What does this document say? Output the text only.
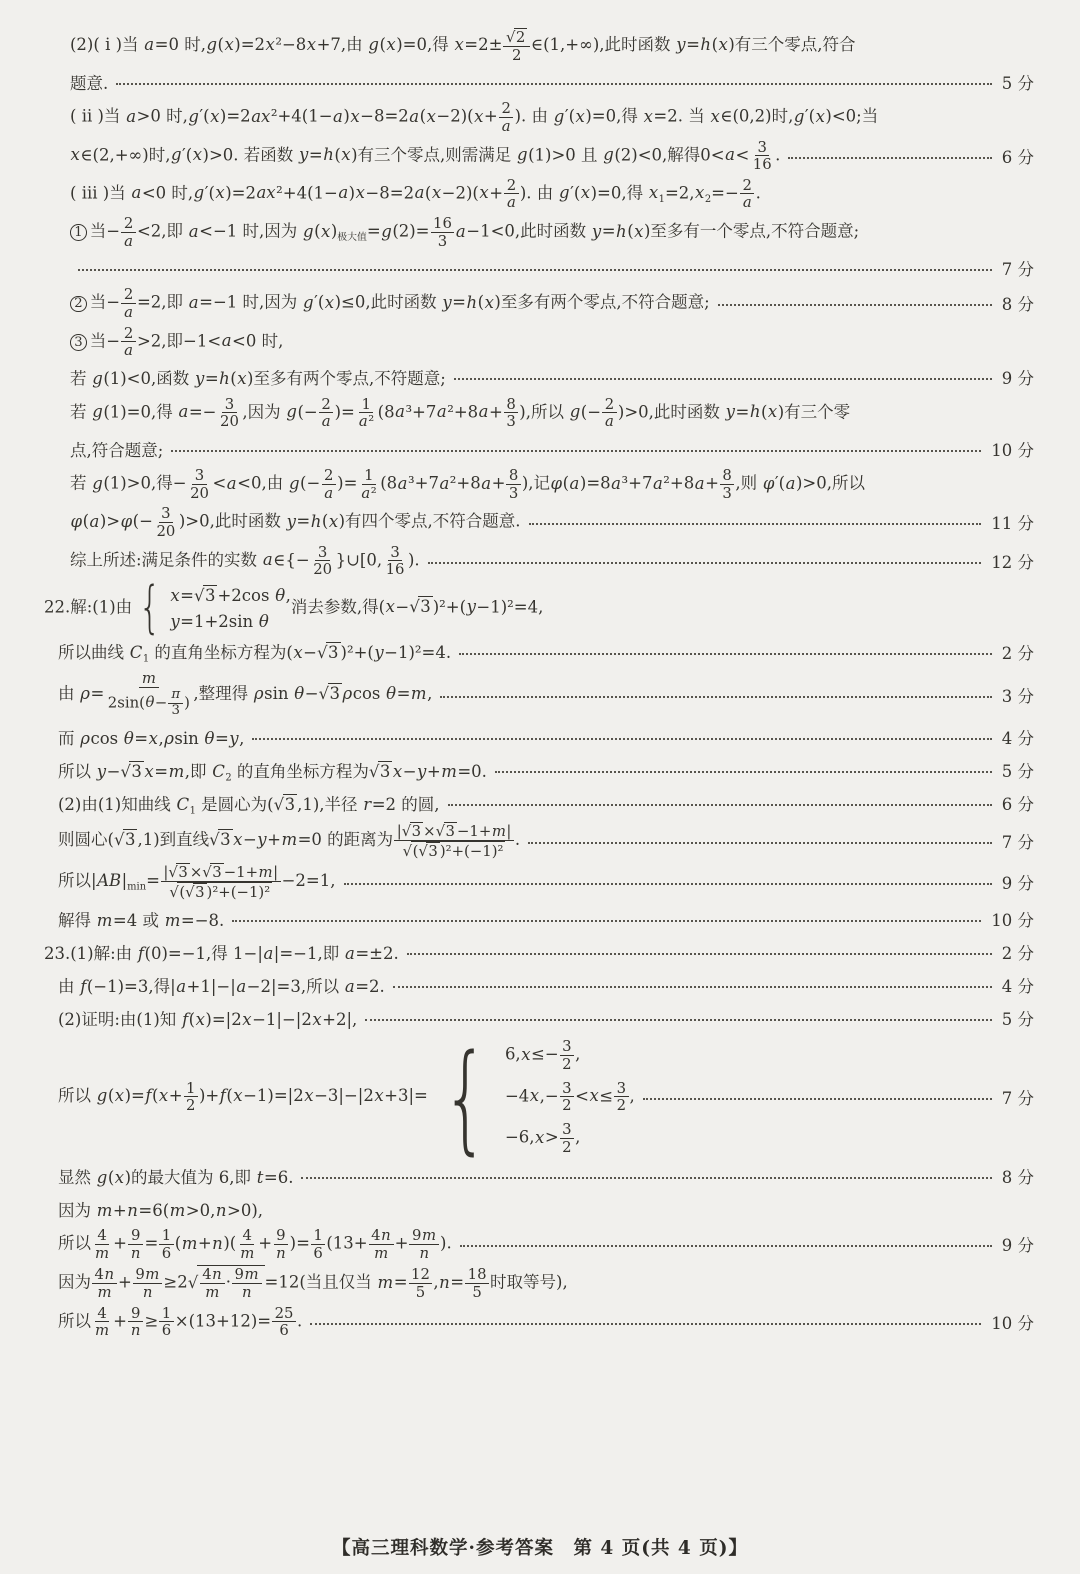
(2)( i )当 a=0 时,g(x)=2x²−8x+7,由 g(x)=0,得 $x=2\pm \frac{√ 2}{2}$ ∈(1,+∞),此时函数 y=h(x)有三个零点,符合
题意.	5 分
( ii )当 a>0 时$,g'(x)=2ax^2+4(1-a)x-8=2a(x-2)(x+ \frac{2}{a}$ ). 由 g′(x)=0,得 x=2. 当 x∈(0,2)时,g′(x)<0;当
x∈(2,+∞)时,g′(x)>0. 若函数 y=h(x)有三个零点,则需满足 g(1)>0 且 g(2)<0,解得$0<a< \frac{3}{16}$ .	6 分
( iii )当 a<0 时$,g'(x)=2ax^2+4(1-a)x-8=2a(x-2)(x+ \frac{2}{a}$ ). 由 g′(x)=0,得 $x_1=2,x_2=- \frac{2}{a}$ .
1 当− $\frac{2}{a} <2$,即 a<−1 时,因为 $g(x)_{极大值}=g(2)= \frac{16}{3} a-1<0$,此时函数 y=h(x)至多有一个零点,不符合题意;
7 分
2 当− $\frac{2}{a} =2$,即 a=−1 时,因为 g′(x)≤0,此时函数 y=h(x)至多有两个零点,不符合题意;	8 分
3 当− $\frac{2}{a} >2$,即−1<a<0 时,
若 g(1)<0,函数 y=h(x)至多有两个零点,不符题意;	9 分
若 g(1)=0,得 $a=- \frac{3}{20}$ ,因为 $g(- \frac{2}{a}$ )= $\frac{1}{\text{a²}} (8a^3+7a^2+8a+ \frac{8}{3}$ ),所以 $g(- \frac{2}{a} )>0$,此时函数 y=h(x)有三个零
点,符合题意;	10 分
若 g(1)>0,得− $\frac{3}{20} <a<0$,由 $g(- \frac{2}{a}$ )= $\frac{1}{\text{a²}} (8a^3+7a^2+8a+ \frac{8}{3}$ ),记$\varphi(a)=8a^3+7a^2+8a+ \frac{8}{3}$ ,则 φ′(a)>0,所以
$\varphi(a)>\varphi(- \frac{3}{20} )>0$,此时函数 y=h(x)有四个零点,不符合题意.	11 分
综上所述:满足条件的实数 a∈{− $\frac{3}{20}$ }∪[0, $\frac{3}{16}$ ).	12 分
22.解:(1)由 { x=√ 3 +2cos θ,
y=1+2sin θ
消去参数,得(x−√ 3 )²+(y−1)²=4,
所以曲线 $C_1$ 的直角坐标方程为(x−√ 3 )²+(y−1)²=4.	2 分
由 $\rho= \frac{m}{2\sin(\theta- \frac{\pi}{3} )}$ ,整理得 ρsin θ−√ 3 ρcos θ=m,	3 分
而 ρcos θ=x,ρsin θ=y,	4 分
所以 y−√ 3 x=m,即 $C_2$ 的直角坐标方程为√ 3 x−y+m=0.	5 分
(2)由(1)知曲线 $C_1$ 是圆心为(√ 3 ,1),半径 r=2 的圆,	6 分
则圆心(√ 3 ,1)到直线√ 3 x−y+m=0 的距离为 $\frac{|√ 3 \times√ 3 -1+m|}{\text{√ (√ 3 )²+(−1)²}}$ .	7 分
所以$|AB|_{min}= \frac{|√ 3 \times√ 3 -1+m|}{\text{√ (√ 3 )²+(−1)²}} -2=1$,	9 分
解得 m=4 或 m=−8.	10 分
23.(1)解:由 f(0)=−1,得 1−|a|=−1,即 a=±2.	2 分
由 f(−1)=3,得|a+1|−|a−2|=3,所以 a=2.	4 分
(2)证明:由(1)知 f(x)=|2x−1|−|2x+2|,	5 分
所以 $g(x)=f(x+ \frac{1}{2} )+f(x-1)=|2x-3|-|2x+3|=$ { $6,x\le- \frac{3}{2}$ ,
$-4x,- \frac{3}{2} <x\le \frac{3}{2}$ ,
$-6,x> \frac{3}{2}$ ,
7 分
显然 g(x)的最大值为 6,即 t=6.	8 分
因为 m+n=6(m>0,n>0),
所以 $\frac{4}{m} + \frac{9}{n} = \frac{1}{6} (m+n)( \frac{4}{m} + \frac{9}{n}$ )= $\frac{1}{6} (13+ \frac{4n}{m} + \frac{9m}{n}$ ).	9 分
因为 $\frac{4n}{m} + \frac{9m}{n} \ge 2√ \frac{4n}{m} \cdot \frac{9m}{n} =12$(当且仅当 $m= \frac{12}{5} ,n= \frac{18}{5}$ 时取等号),
所以 $\frac{4}{m} + \frac{9}{n} \ge \frac{1}{6} \times(13+12)= \frac{25}{6}$ .	10 分
【高三理科数学·参考答案　第 4 页(共 4 页)】
